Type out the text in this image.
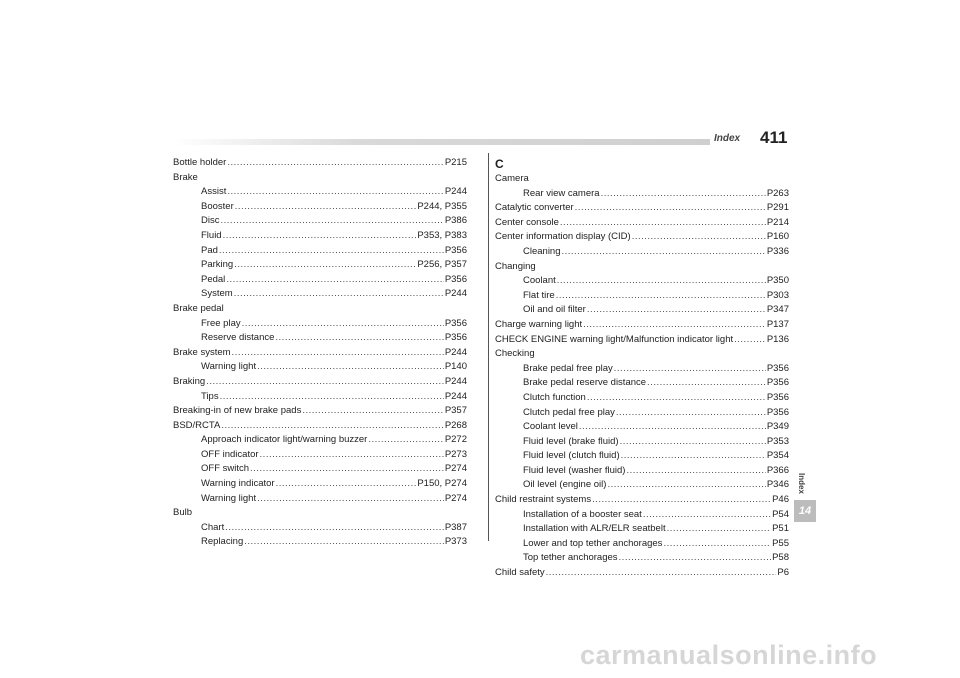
Index 411
Bottle holder .....	P215
Brake
Assist .....	P244
Booster .....	P244, P355
Disc .....	P386
Fluid .....	P353, P383
Pad .....	P356
Parking .....	P256, P357
Pedal .....	P356
System .....	P244
Brake pedal
Free play .....	P356
Reserve distance .....	P356
Brake system .....	P244
Warning light .....	P140
Braking .....	P244
Tips .....	P244
Breaking-in of new brake pads .....	P357
BSD/RCTA .....	P268
Approach indicator light/warning buzzer .....	P272
OFF indicator .....	P273
OFF switch .....	P274
Warning indicator .....	P150, P274
Warning light .....	P274
Bulb
Chart .....	P387
Replacing .....	P373
C
Camera
Rear view camera .....	P263
Catalytic converter .....	P291
Center console .....	P214
Center information display (CID) .....	P160
Cleaning .....	P336
Changing
Coolant .....	P350
Flat tire .....	P303
Oil and oil filter .....	P347
Charge warning light .....	P137
CHECK ENGINE warning light/Malfunction indicator light .....	P136
Checking
Brake pedal free play .....	P356
Brake pedal reserve distance .....	P356
Clutch function .....	P356
Clutch pedal free play .....	P356
Coolant level .....	P349
Fluid level (brake fluid) .....	P353
Fluid level (clutch fluid) .....	P354
Fluid level (washer fluid) .....	P366
Oil level (engine oil) .....	P346
Child restraint systems .....	P46
Installation of a booster seat .....	P54
Installation with ALR/ELR seatbelt .....	P51
Lower and top tether anchorages .....	P55
Top tether anchorages .....	P58
Child safety .....	P6
Index
14
carmanualsonline.info
